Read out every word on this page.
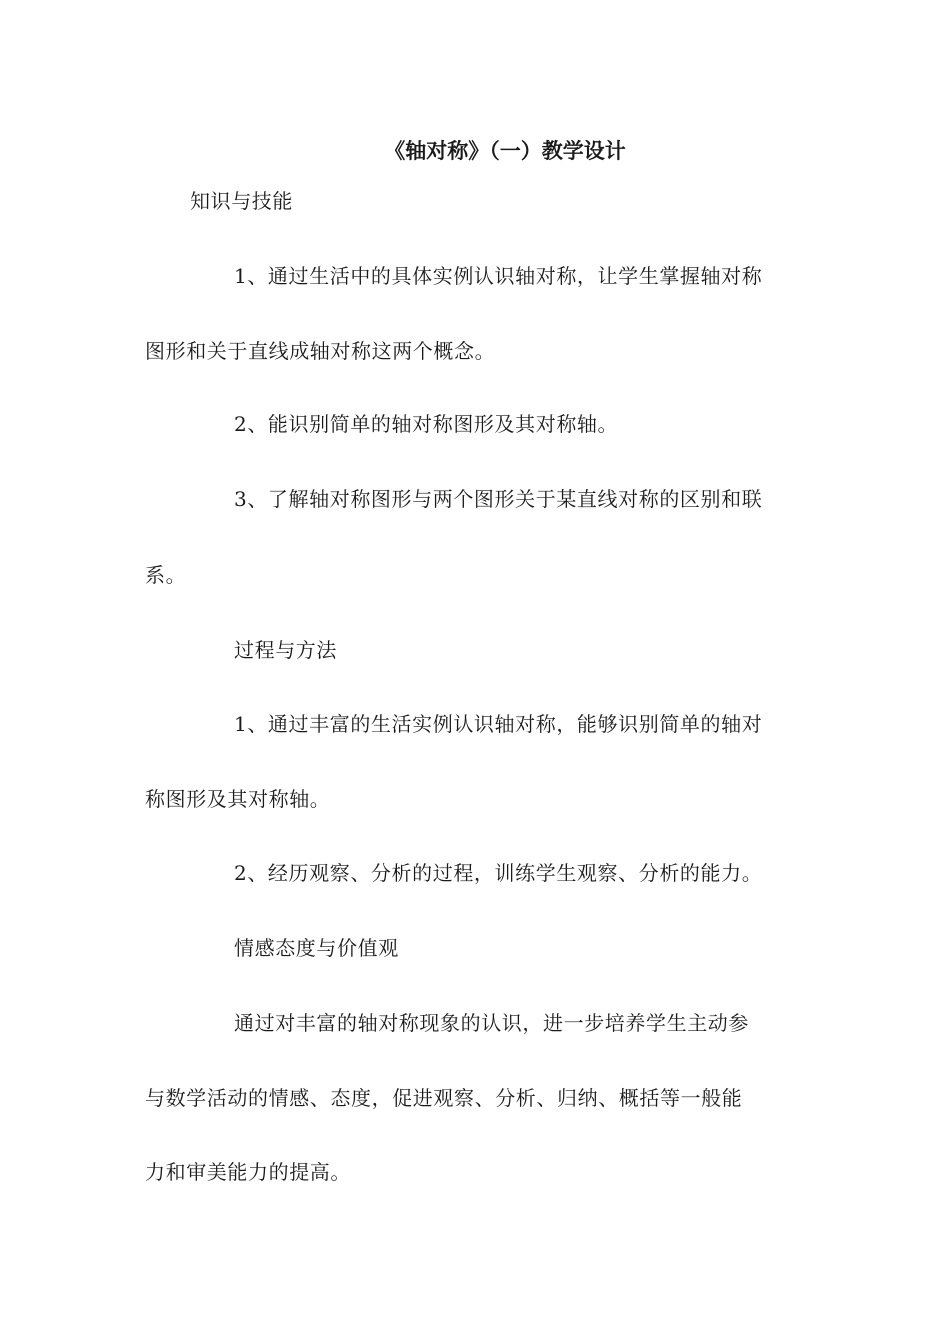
《轴对称》（一）教学设计
知识与技能
1、通过生活中的具体实例认识轴对称，让学生掌握轴对称
图形和关于直线成轴对称这两个概念。
2、能识别简单的轴对称图形及其对称轴。
3、了解轴对称图形与两个图形关于某直线对称的区别和联
系。
过程与方法
1、通过丰富的生活实例认识轴对称，能够识别简单的轴对
称图形及其对称轴。
2、经历观察、分析的过程，训练学生观察、分析的能力。
情感态度与价值观
通过对丰富的轴对称现象的认识，进一步培养学生主动参
与数学活动的情感、态度，促进观察、分析、归纳、概括等一般能
力和审美能力的提高。
